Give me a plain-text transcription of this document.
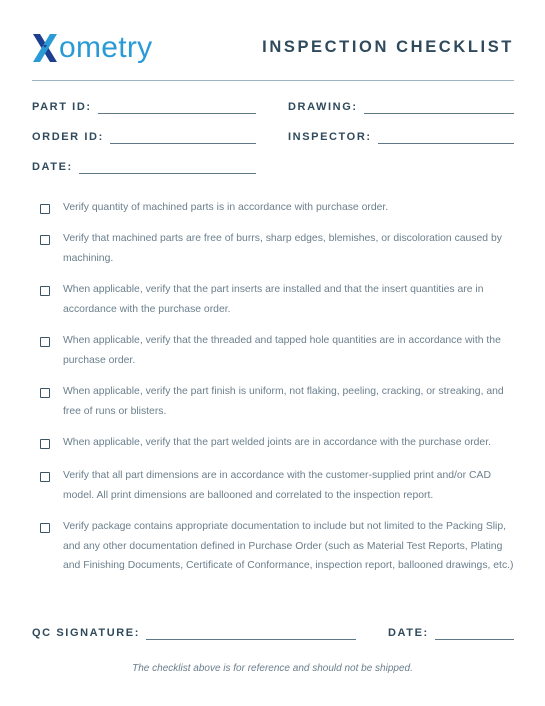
ometry	INSPECTION CHECKLIST
PART ID:	DRAWING:
ORDER ID:	INSPECTOR:
DATE:
Verify quantity of machined parts is in accordance with purchase order.
Verify that machined parts are free of burrs, sharp edges, blemishes, or discoloration caused by machining.
When applicable, verify that the part inserts are installed and that the insert quantities are in accordance with the purchase order.
When applicable, verify that the threaded and tapped hole quantities are in accordance with the purchase order.
When applicable, verify the part finish is uniform, not flaking, peeling, cracking, or streaking, and free of runs or blisters.
When applicable, verify that the part welded joints are in accordance with the purchase order.
Verify that all part dimensions are in accordance with the customer-supplied print and/or CAD model. All print dimensions are ballooned and correlated to the inspection report.
Verify package contains appropriate documentation to include but not limited to the Packing Slip, and any other documentation defined in Purchase Order (such as Material Test Reports, Plating and Finishing Documents, Certificate of Conformance, inspection report, ballooned drawings, etc.)
QC SIGNATURE:	DATE:
The checklist above is for reference and should not be shipped.
